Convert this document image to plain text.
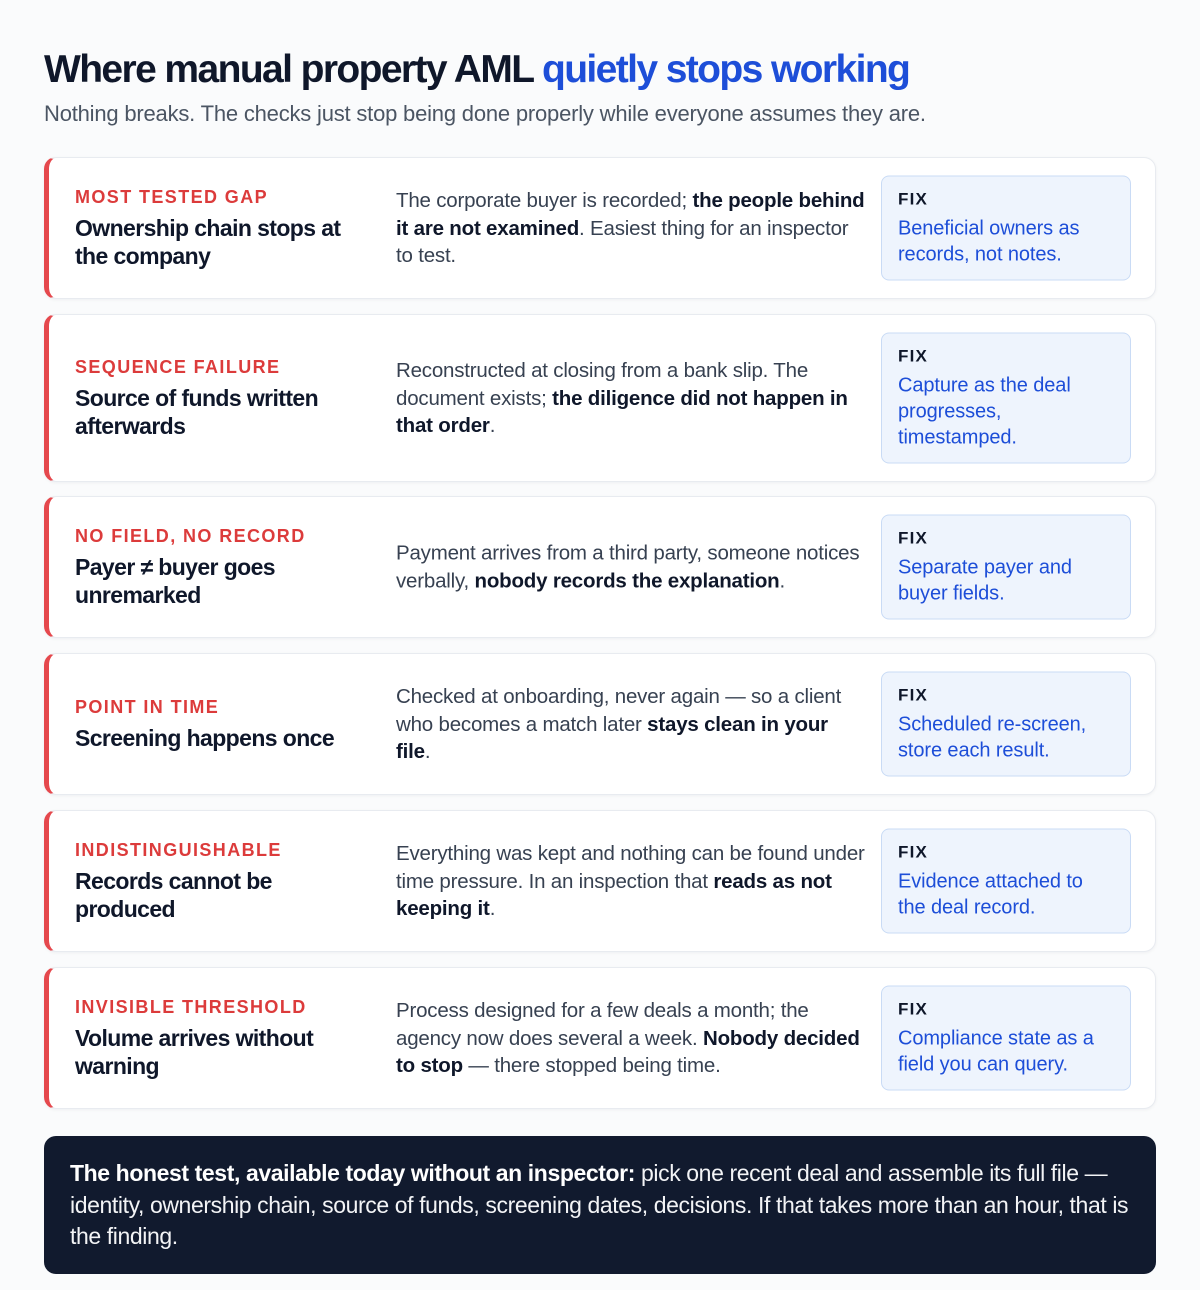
Where manual property AML quietly stops working

Nothing breaks. The checks just stop being done properly while everyone assumes they are.

MOST TESTED GAP
Ownership chain stops at the company
The corporate buyer is recorded; the people behind it are not examined. Easiest thing for an inspector to test.
FIX
Beneficial owners as records, not notes.
SEQUENCE FAILURE
Source of funds written afterwards
Reconstructed at closing from a bank slip. The document exists; the diligence did not happen in that order.
FIX
Capture as the deal progresses, timestamped.
NO FIELD, NO RECORD
Payer ≠ buyer goes unremarked
Payment arrives from a third party, someone notices verbally, nobody records the explanation.
FIX
Separate payer and buyer fields.
POINT IN TIME
Screening happens once
Checked at onboarding, never again — so a client who becomes a match later stays clean in your file.
FIX
Scheduled re-screen, store each result.
INDISTINGUISHABLE
Records cannot be produced
Everything was kept and nothing can be found under time pressure. In an inspection that reads as not keeping it.
FIX
Evidence attached to the deal record.
INVISIBLE THRESHOLD
Volume arrives without warning
Process designed for a few deals a month; the agency now does several a week. Nobody decided to stop — there stopped being time.
FIX
Compliance state as a field you can query.
The honest test, available today without an inspector: pick one recent deal and assemble its full file — identity, ownership chain, source of funds, screening dates, decisions. If that takes more than an hour, that is the finding.
